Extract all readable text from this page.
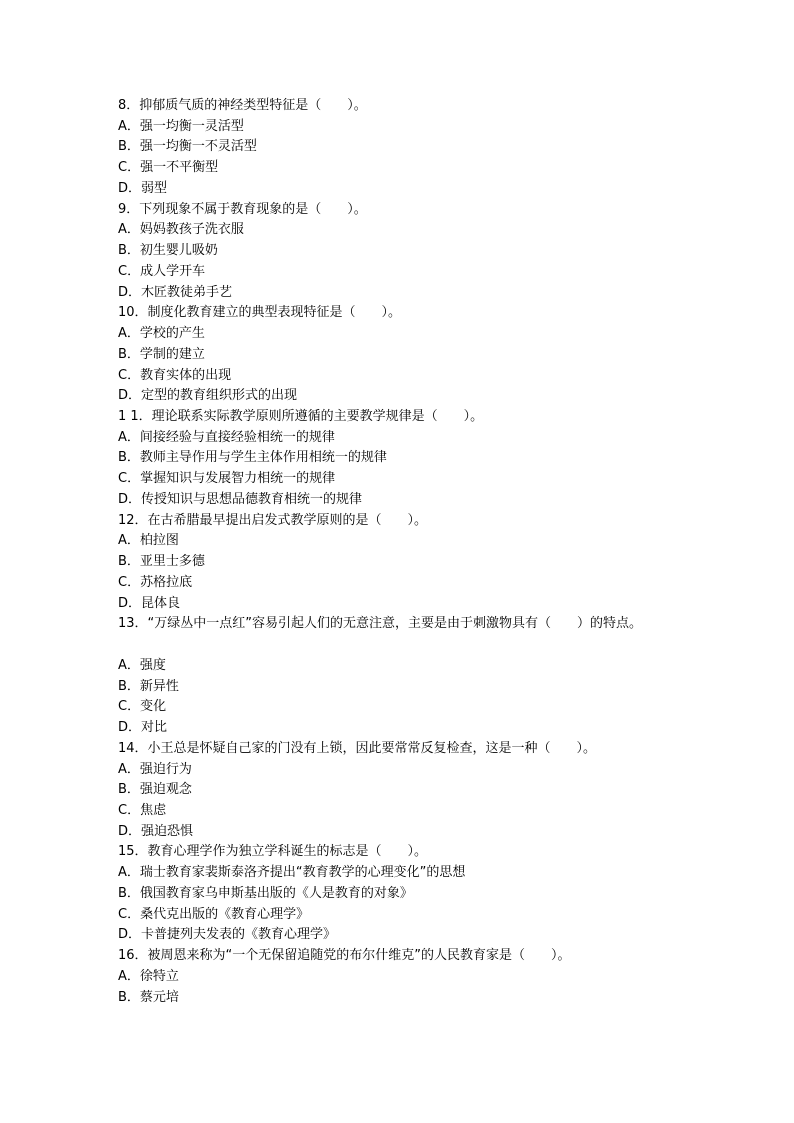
8．抑郁质气质的神经类型特征是（　　）。
A．强一均衡一灵活型
B．强一均衡一不灵活型
C．强一不平衡型
D．弱型
9．下列现象不属于教育现象的是（　　）。
A．妈妈教孩子洗衣服
B．初生婴儿吸奶
C．成人学开车
D．木匠教徒弟手艺
10．制度化教育建立的典型表现特征是（　　）。
A．学校的产生
B．学制的建立
C．教育实体的出现
D．定型的教育组织形式的出现
1 1．理论联系实际教学原则所遵循的主要教学规律是（　　）。
A．间接经验与直接经验相统一的规律
B．教师主导作用与学生主体作用相统一的规律
C．掌握知识与发展智力相统一的规律
D．传授知识与思想品德教育相统一的规律
12．在古希腊最早提出启发式教学原则的是（　　）。
A．柏拉图
B．亚里士多德
C．苏格拉底
D．昆体良
13．“万绿丛中一点红”容易引起人们的无意注意，主要是由于刺激物具有（　　）的特点。
A．强度
B．新异性
C．变化
D．对比
14．小王总是怀疑自己家的门没有上锁，因此要常常反复检查，这是一种（　　）。
A．强迫行为
B．强迫观念
C．焦虑
D．强迫恐惧
15．教育心理学作为独立学科诞生的标志是（　　）。
A．瑞士教育家裴斯泰洛齐提出“教育教学的心理变化”的思想
B．俄国教育家乌申斯基出版的《人是教育的对象》
C．桑代克出版的《教育心理学》
D．卡普捷列夫发表的《教育心理学》
16．被周恩来称为“一个无保留追随党的布尔什维克”的人民教育家是（　　）。
A．徐特立
B．蔡元培
